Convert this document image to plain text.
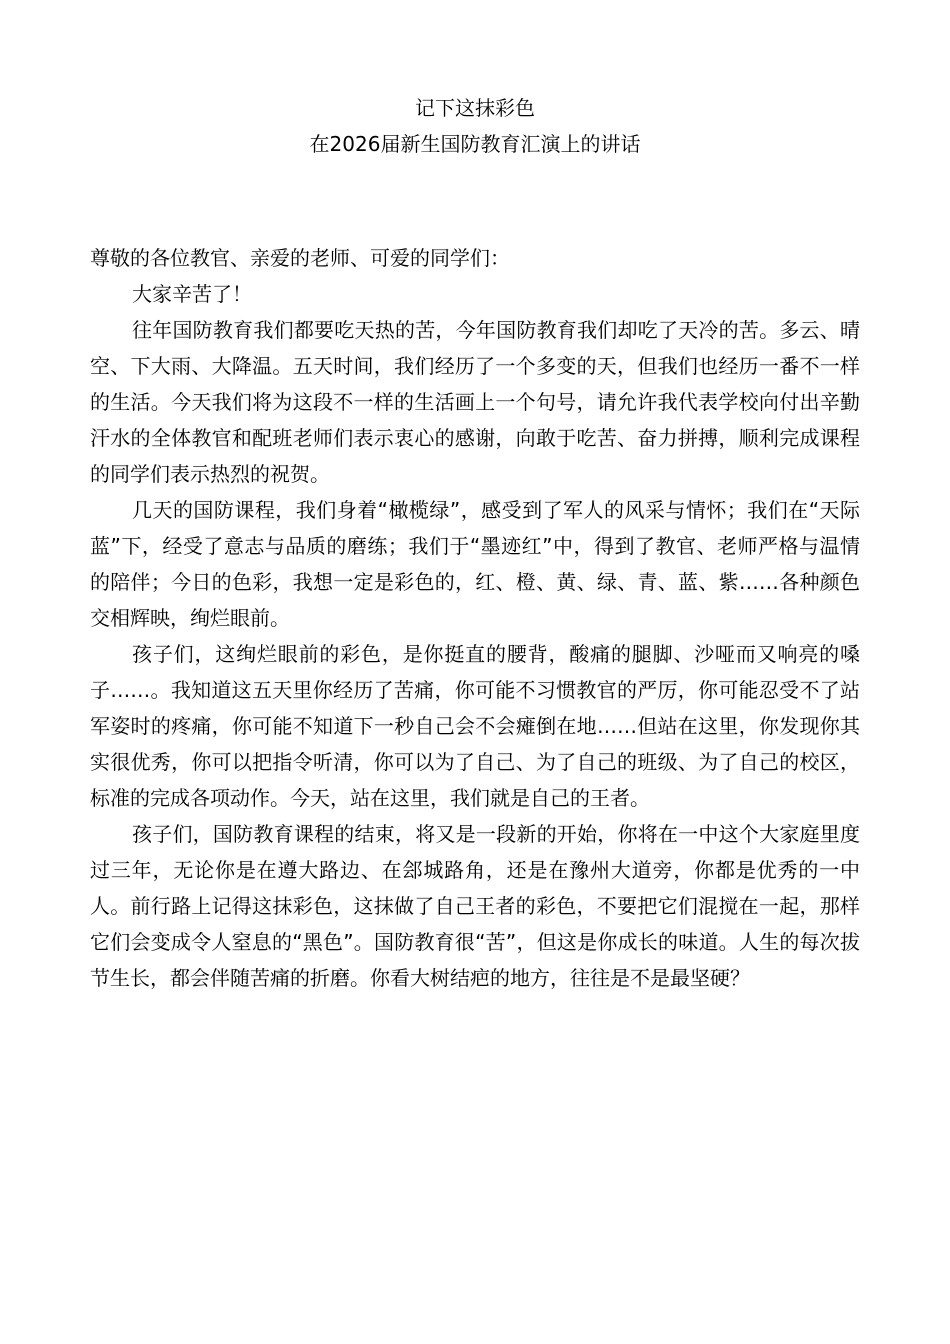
记下这抹彩色
在2026届新生国防教育汇演上的讲话

尊敬的各位教官、亲爱的老师、可爱的同学们：

大家辛苦了！

往年国防教育我们都要吃天热的苦，今年国防教育我们却吃了天冷的苦。多云、晴空、下大雨、大降温。五天时间，我们经历了一个多变的天，但我们也经历一番不一样的生活。今天我们将为这段不一样的生活画上一个句号，请允许我代表学校向付出辛勤汗水的全体教官和配班老师们表示衷心的感谢，向敢于吃苦、奋力拼搏，顺利完成课程的同学们表示热烈的祝贺。

几天的国防课程，我们身着“橄榄绿”，感受到了军人的风采与情怀；我们在“天际蓝”下，经受了意志与品质的磨练；我们于“墨迹红”中，得到了教官、老师严格与温情的陪伴；今日的色彩，我想一定是彩色的，红、橙、黄、绿、青、蓝、紫……各种颜色交相辉映，绚烂眼前。

孩子们，这绚烂眼前的彩色，是你挺直的腰背，酸痛的腿脚、沙哑而又响亮的嗓子……。我知道这五天里你经历了苦痛，你可能不习惯教官的严厉，你可能忍受不了站军姿时的疼痛，你可能不知道下一秒自己会不会瘫倒在地……但站在这里，你发现你其实很优秀，你可以把指令听清，你可以为了自己、为了自己的班级、为了自己的校区，标准的完成各项动作。今天，站在这里，我们就是自己的王者。

孩子们，国防教育课程的结束，将又是一段新的开始，你将在一中这个大家庭里度过三年，无论你是在遵大路边、在郐城路角，还是在豫州大道旁，你都是优秀的一中人。前行路上记得这抹彩色，这抹做了自己王者的彩色，不要把它们混搅在一起，那样它们会变成令人窒息的“黑色”。国防教育很“苦”，但这是你成长的味道。人生的每次拔节生长，都会伴随苦痛的折磨。你看大树结疤的地方，往往是不是最坚硬？
